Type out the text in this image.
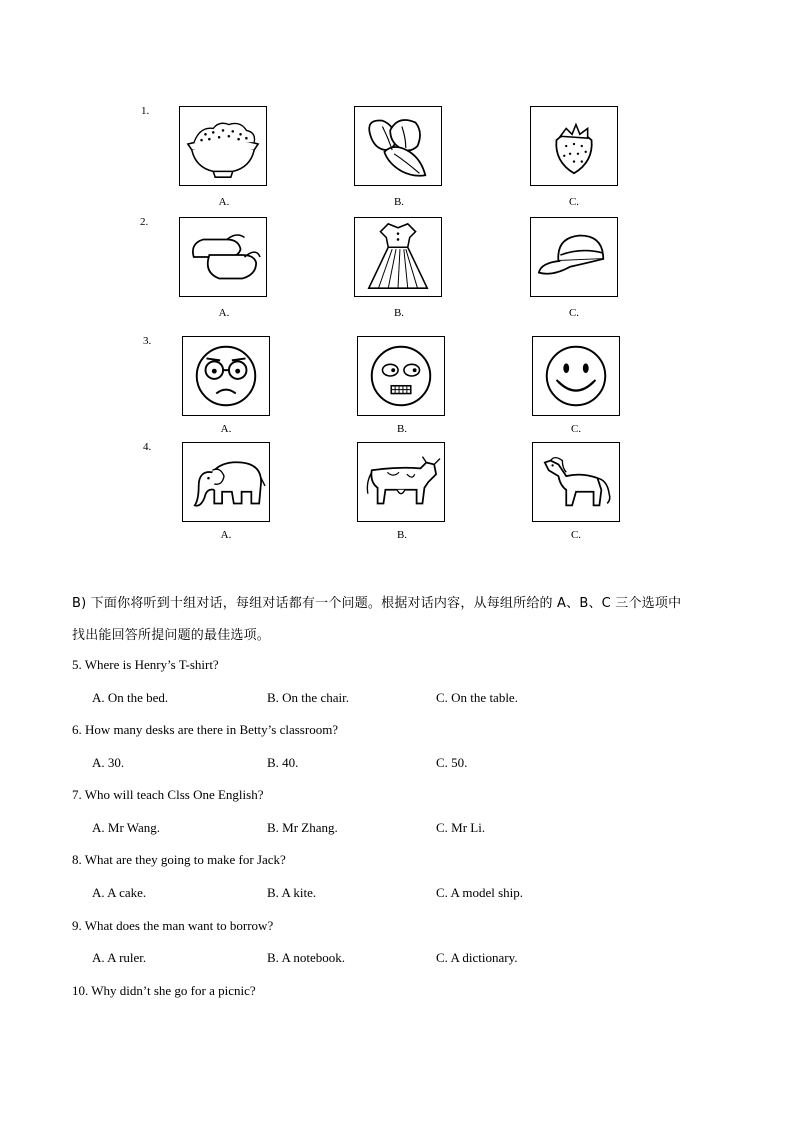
1.
A.	B.	C.
2.
A.	B.	C.
3.
A.	B.	C.
4.
A.	B.	C.
B) 下面你将听到十组对话，每组对话都有一个问题。根据对话内容，从每组所给的 A、B、C 三个选项中
找出能回答所提问题的最佳选项。
5. Where is Henry’s T-shirt?
A. On the bed.	B. On the chair.	C. On the table.
6. How many desks are there in Betty’s classroom?
A. 30.	B. 40.	C. 50.
7. Who will teach Clss One English?
A. Mr Wang.	B. Mr Zhang.	C. Mr Li.
8. What are they going to make for Jack?
A. A cake.	B. A kite.	C. A model ship.
9. What does the man want to borrow?
A. A ruler.	B. A notebook.	C. A dictionary.
10. Why didn’t she go for a picnic?
